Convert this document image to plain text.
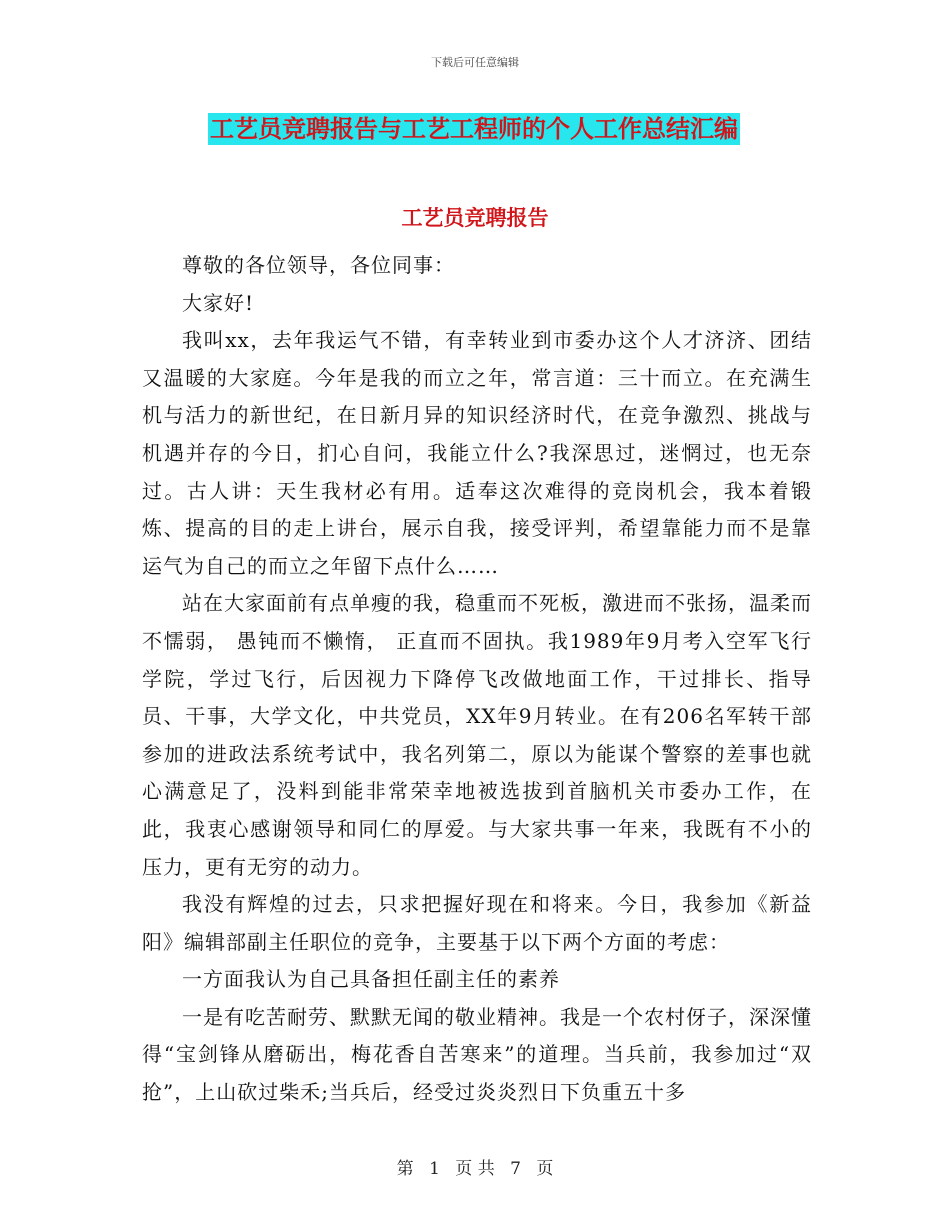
下载后可任意编辑
工艺员竞聘报告与工艺工程师的个人工作总结汇编
工艺员竞聘报告

尊敬的各位领导，各位同事：

大家好!

我叫xx，去年我运气不错，有幸转业到市委办这个人才济济、团结又温暖的大家庭。今年是我的而立之年，常言道：三十而立。在充满生机与活力的新世纪，在日新月异的知识经济时代，在竞争激烈、挑战与机遇并存的今日，扪心自问，我能立什么?我深思过，迷惘过，也无奈过。古人讲：天生我材必有用。适奉这次难得的竞岗机会，我本着锻炼、提高的目的走上讲台，展示自我，接受评判，希望靠能力而不是靠运气为自己的而立之年留下点什么……

站在大家面前有点单瘦的我，稳重而不死板，激进而不张扬，温柔而不懦弱， 愚钝而不懒惰， 正直而不固执。我1989年9月考入空军飞行学院，学过飞行，后因视力下降停飞改做地面工作，干过排长、指导员、干事，大学文化，中共党员，XX年9月转业。在有206名军转干部参加的进政法系统考试中，我名列第二，原以为能谋个警察的差事也就心满意足了，没料到能非常荣幸地被选拔到首脑机关市委办工作，在此，我衷心感谢领导和同仁的厚爱。与大家共事一年来，我既有不小的压力，更有无穷的动力。

我没有辉煌的过去，只求把握好现在和将来。今日，我参加《新益阳》编辑部副主任职位的竞争，主要基于以下两个方面的考虑：

一方面我认为自己具备担任副主任的素养

一是有吃苦耐劳、默默无闻的敬业精神。我是一个农村伢子，深深懂得“宝剑锋从磨砺出，梅花香自苦寒来”的道理。当兵前，我参加过“双抢”，上山砍过柴禾;当兵后，经受过炎炎烈日下负重五十多

第 1 页 共 7 页
